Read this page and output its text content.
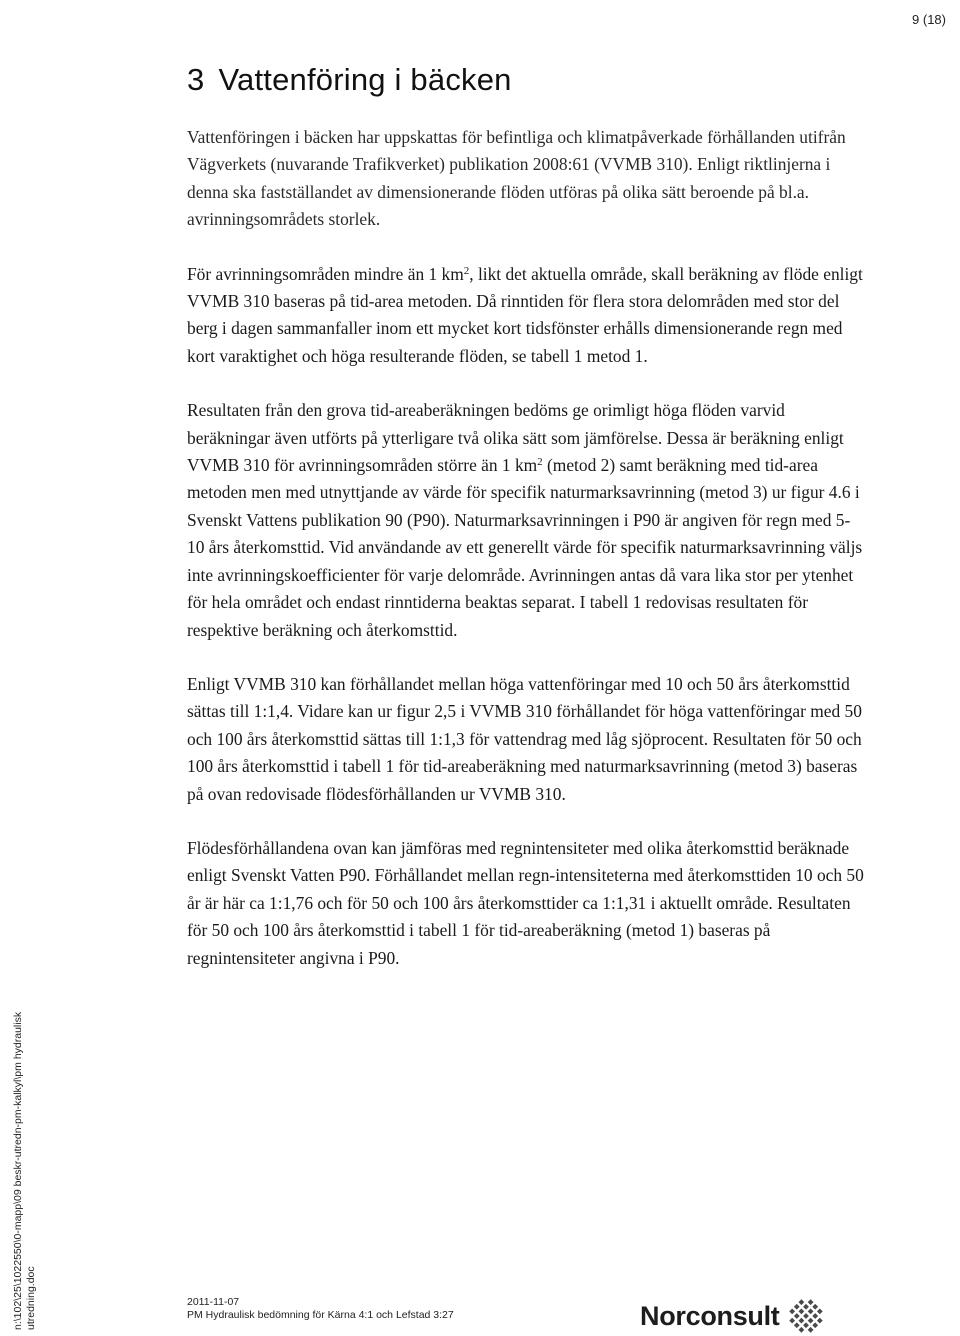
9 (18)
3 Vattenföring i bäcken

Vattenföringen i bäcken har uppskattas för befintliga och klimatpåverkade förhållanden utifrån Vägverkets (nuvarande Trafikverket) publikation 2008:61 (VVMB 310). Enligt riktlinjerna i denna ska fastställandet av dimensionerande flöden utföras på olika sätt beroende på bl.a. avrinningsområdets storlek.

För avrinningsområden mindre än 1 $km^2$, likt det aktuella område, skall beräkning av flöde enligt VVMB 310 baseras på tid-area metoden. Då rinntiden för flera stora delområden med stor del berg i dagen sammanfaller inom ett mycket kort tidsfönster erhålls dimensionerande regn med kort varaktighet och höga resulterande flöden, se tabell 1 metod 1.

Resultaten från den grova tid-areaberäkningen bedöms ge orimligt höga flöden varvid beräkningar även utförts på ytterligare två olika sätt som jämförelse. Dessa är beräkning enligt VVMB 310 för avrinningsområden större än 1 $km^2$ (metod 2) samt beräkning med tid-area metoden men med utnyttjande av värde för specifik naturmarksavrinning (metod 3) ur figur 4.6 i Svenskt Vattens publikation 90 (P90). Naturmarksavrinningen i P90 är angiven för regn med 5-10 års återkomsttid. Vid användande av ett generellt värde för specifik naturmarksavrinning väljs inte avrinningskoefficienter för varje delområde. Avrinningen antas då vara lika stor per ytenhet för hela området och endast rinntiderna beaktas separat. I tabell 1 redovisas resultaten för respektive beräkning och återkomsttid.

Enligt VVMB 310 kan förhållandet mellan höga vattenföringar med 10 och 50 års återkomsttid sättas till 1:1,4. Vidare kan ur figur 2,5 i VVMB 310 förhållandet för höga vattenföringar med 50 och 100 års återkomsttid sättas till 1:1,3 för vattendrag med låg sjöprocent. Resultaten för 50 och 100 års återkomsttid i tabell 1 för tid-areaberäkning med naturmarksavrinning (metod 3) baseras på ovan redovisade flödesförhållanden ur VVMB 310.

Flödesförhållandena ovan kan jämföras med regnintensiteter med olika återkomsttid beräknade enligt Svenskt Vatten P90. Förhållandet mellan regn-intensiteterna med återkomsttiden 10 och 50 år är här ca 1:1,76 och för 50 och 100 års återkomsttider ca 1:1,31 i aktuellt område. Resultaten för 50 och 100 års återkomsttid i tabell 1 för tid-areaberäkning (metod 1) baseras på regnintensiteter angivna i P90.

n:\102\25\1022550\0-mapp\09 beskr-utredn-pm-kalkyl\pm hydraulisk utredning.doc	2011-11-07
PM Hydraulisk bedömning för Kärna 4:1 och Lefstad 3:27	Norconsult
